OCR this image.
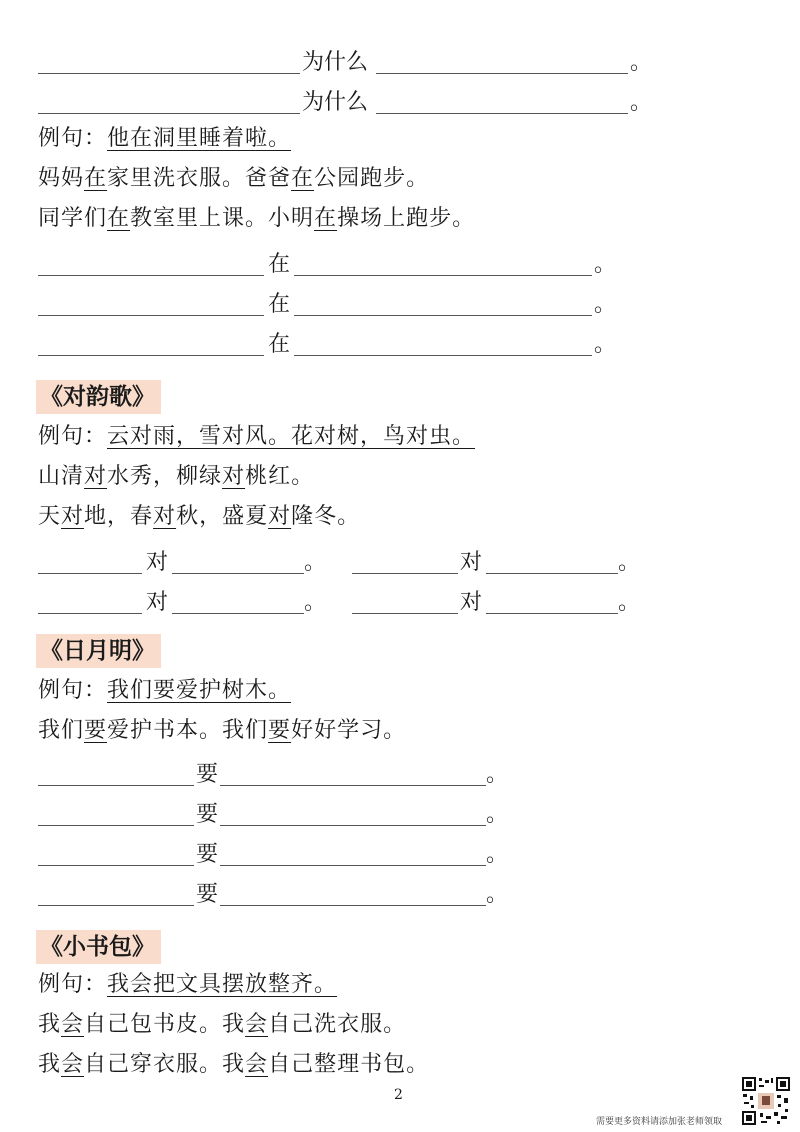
为什么	。
为什么	。
例句：他在洞里睡着啦。
妈妈在家里洗衣服。爸爸在公园跑步。
同学们在教室里上课。小明在操场上跑步。
在	。
在	。
在	。
《对韵歌》
例句：云对雨，雪对风。花对树，鸟对虫。
山清对水秀，柳绿对桃红。
天对地，春对秋，盛夏对隆冬。
对	。	对	。
对	。	对	。
《日月明》
例句：我们要爱护树木。
我们要爱护书本。我们要好好学习。
要	。
要	。
要	。
要	。
《小书包》
例句：我会把文具摆放整齐。
我会自己包书皮。我会自己洗衣服。
我会自己穿衣服。我会自己整理书包。
2
需要更多资料请添加张老师领取
